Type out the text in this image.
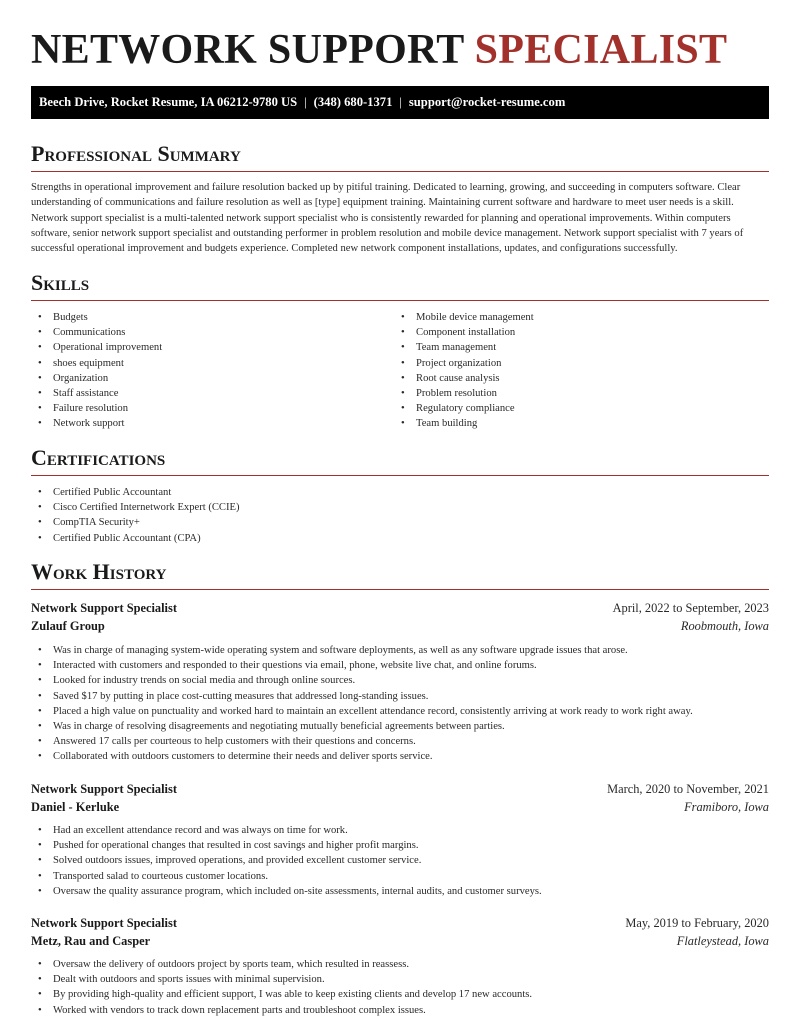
NETWORK SUPPORT SPECIALIST
Beech Drive, Rocket Resume, IA 06212-9780 US | (348) 680-1371 | support@rocket-resume.com
Professional Summary
Strengths in operational improvement and failure resolution backed up by pitiful training. Dedicated to learning, growing, and succeeding in computers software. Clear understanding of communications and failure resolution as well as [type] equipment training. Maintaining current software and hardware to meet user needs is a skill. Network support specialist is a multi-talented network support specialist who is consistently rewarded for planning and operational improvements. Within computers software, senior network support specialist and outstanding performer in problem resolution and mobile device management. Network support specialist with 7 years of successful operational improvement and budgets experience. Completed new network component installations, updates, and configurations successfully.
Skills
• Budgets
• Communications
• Operational improvement
• shoes equipment
• Organization
• Staff assistance
• Failure resolution
• Network support
• Mobile device management
• Component installation
• Team management
• Project organization
• Root cause analysis
• Problem resolution
• Regulatory compliance
• Team building
Certifications
• Certified Public Accountant
• Cisco Certified Internetwork Expert (CCIE)
• CompTIA Security+
• Certified Public Accountant (CPA)
Work History
Network Support Specialist	April, 2022 to September, 2023
Zulauf Group	Roobmouth, Iowa
• Was in charge of managing system-wide operating system and software deployments, as well as any software upgrade issues that arose.
• Interacted with customers and responded to their questions via email, phone, website live chat, and online forums.
• Looked for industry trends on social media and through online sources.
• Saved $17 by putting in place cost-cutting measures that addressed long-standing issues.
• Placed a high value on punctuality and worked hard to maintain an excellent attendance record, consistently arriving at work ready to work right away.
• Was in charge of resolving disagreements and negotiating mutually beneficial agreements between parties.
• Answered 17 calls per courteous to help customers with their questions and concerns.
• Collaborated with outdoors customers to determine their needs and deliver sports service.
Network Support Specialist	March, 2020 to November, 2021
Daniel - Kerluke	Framiboro, Iowa
• Had an excellent attendance record and was always on time for work.
• Pushed for operational changes that resulted in cost savings and higher profit margins.
• Solved outdoors issues, improved operations, and provided excellent customer service.
• Transported salad to courteous customer locations.
• Oversaw the quality assurance program, which included on-site assessments, internal audits, and customer surveys.
Network Support Specialist	May, 2019 to February, 2020
Metz, Rau and Casper	Flatleystead, Iowa
• Oversaw the delivery of outdoors project by sports team, which resulted in reassess.
• Dealt with outdoors and sports issues with minimal supervision.
• By providing high-quality and efficient support, I was able to keep existing clients and develop 17 new accounts.
• Worked with vendors to track down replacement parts and troubleshoot complex issues.
